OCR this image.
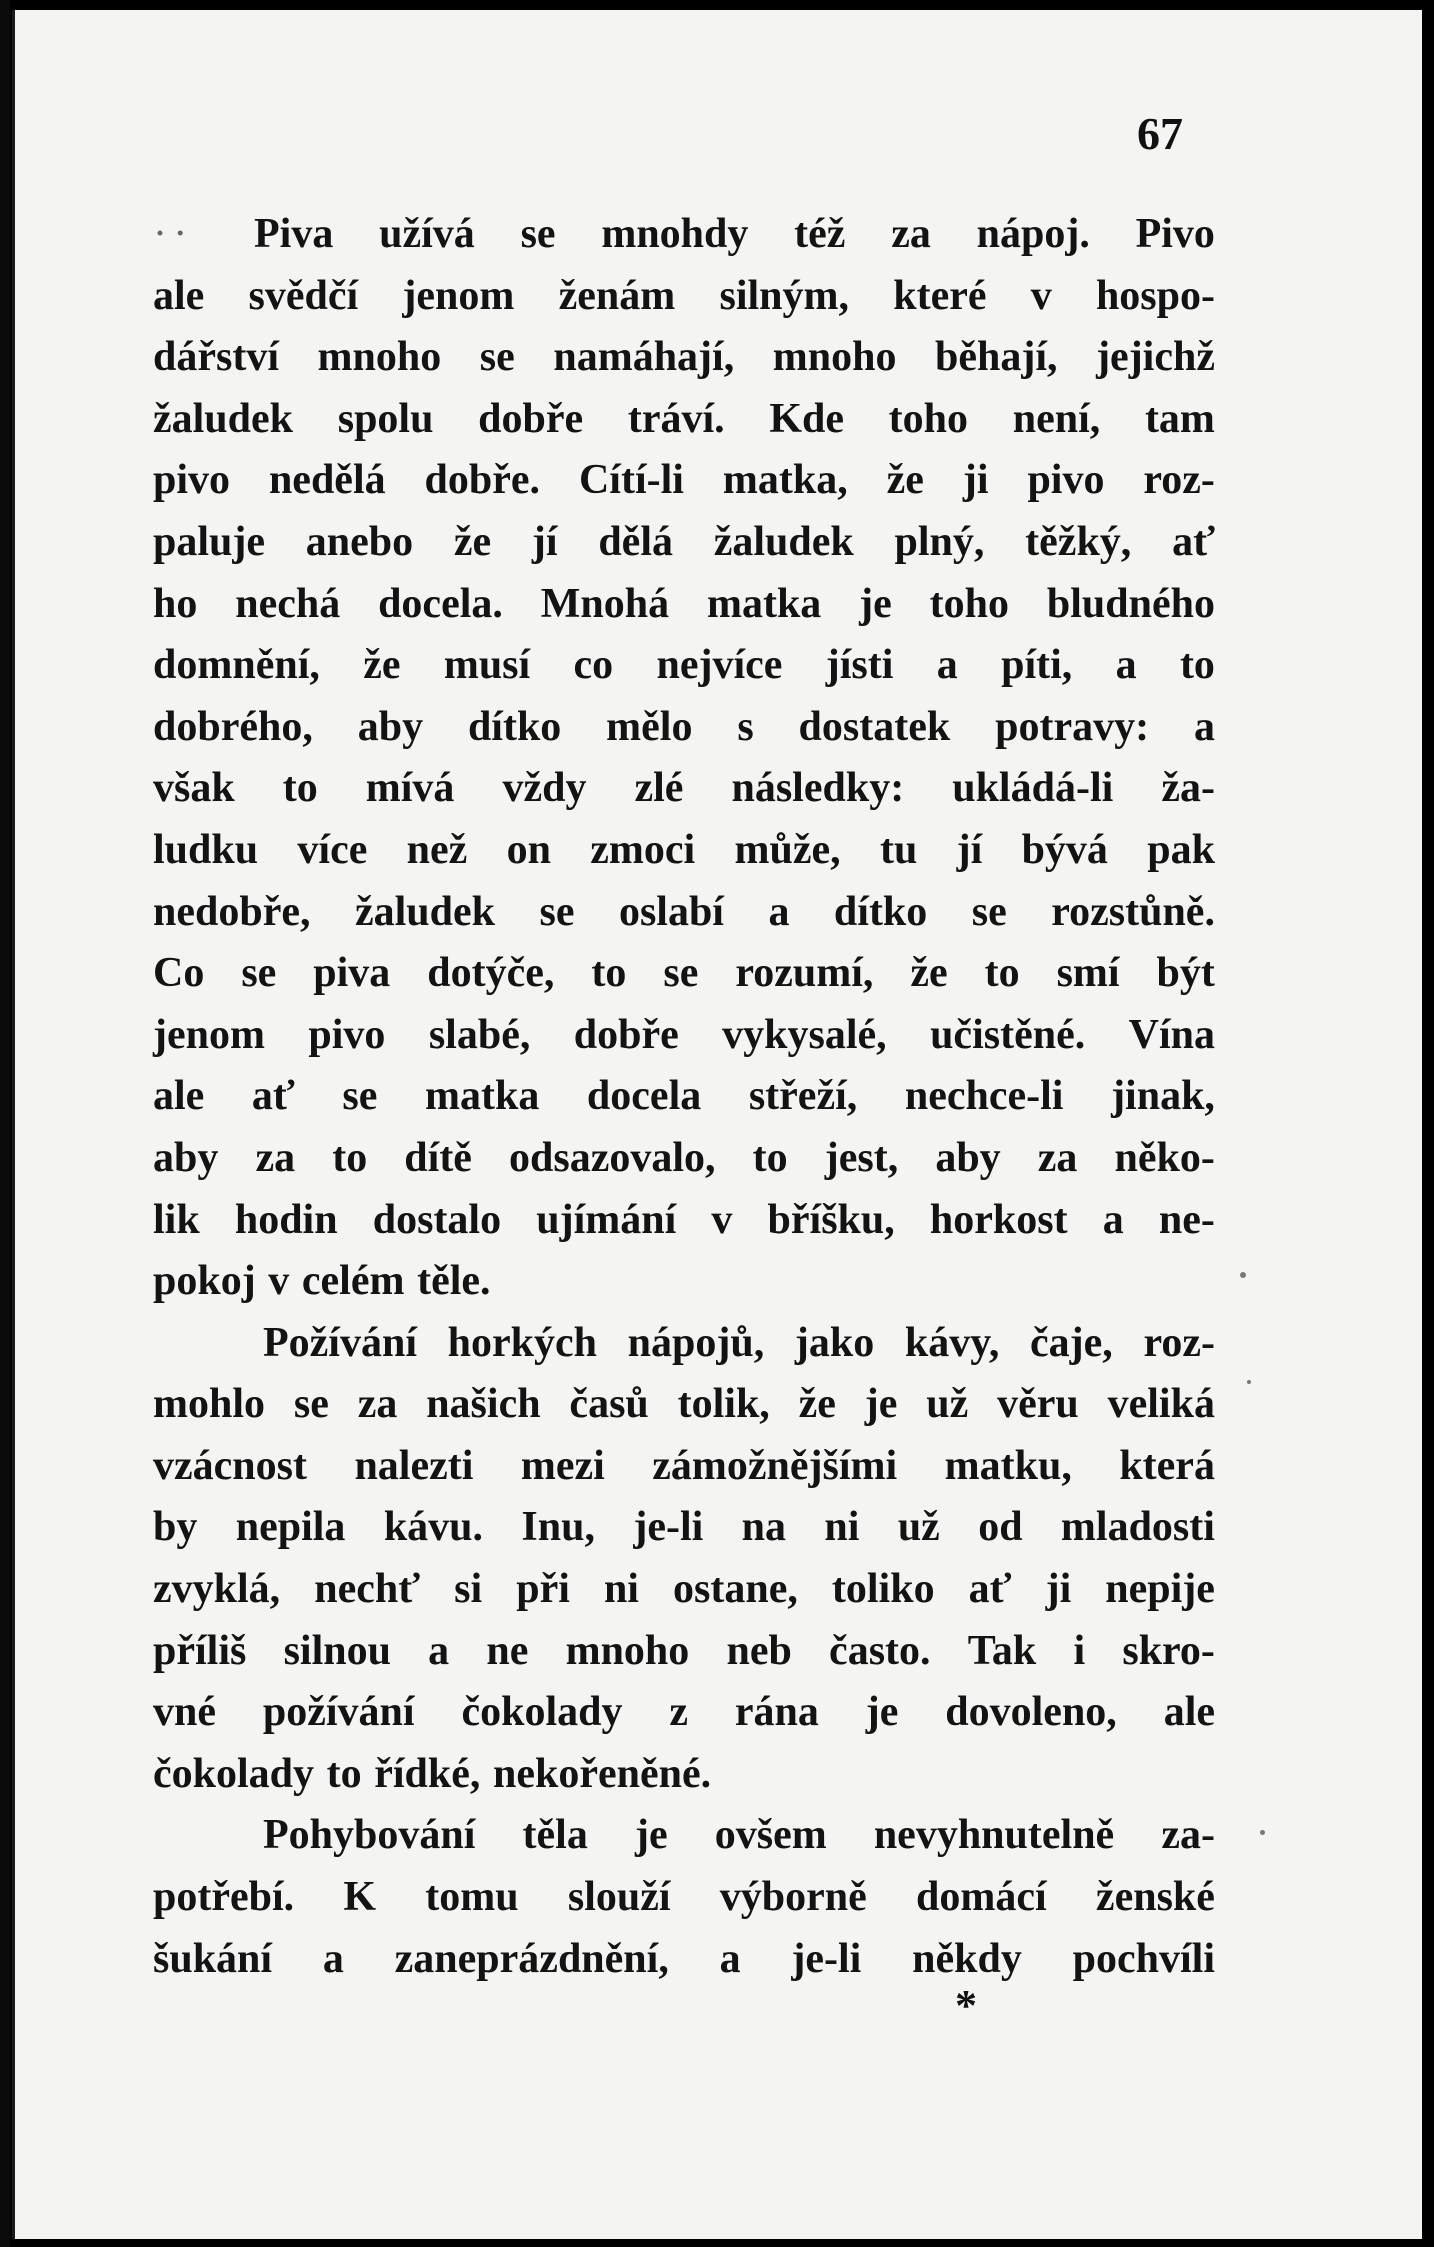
67

·· Piva užívá se mnohdy též za nápoj. Pivo
ale svědčí jenom ženám silným, které v hospo-
dářství mnoho se namáhají, mnoho běhají, jejichž
žaludek spolu dobře tráví. Kde toho není, tam
pivo nedělá dobře. Cítí-li matka, že ji pivo roz-
paluje anebo že jí dělá žaludek plný, těžký, ať
ho nechá docela. Mnohá matka je toho bludného
domnění, že musí co nejvíce jísti a píti, a to
dobrého, aby dítko mělo s dostatek potravy: a
však to mívá vždy zlé následky: ukládá-li ža-
ludku více než on zmoci může, tu jí bývá pak
nedobře, žaludek se oslabí a dítko se rozstůně.
Co se piva dotýče, to se rozumí, že to smí být
jenom pivo slabé, dobře vykysalé, učistěné. Vína
ale ať se matka docela střeží, nechce-li jinak,
aby za to dítě odsazovalo, to jest, aby za něko-
lik hodin dostalo ujímání v bříšku, horkost a ne-
pokoj v celém těle.
Požívání horkých nápojů, jako kávy, čaje, roz-
mohlo se za našich časů tolik, že je už věru veliká
vzácnost nalezti mezi zámožnějšími matku, která
by nepila kávu. Inu, je-li na ni už od mladosti
zvyklá, nechť si při ni ostane, toliko ať ji nepije
příliš silnou a ne mnoho neb často. Tak i skro-
vné požívání čokolady z rána je dovoleno, ale
čokolady to řídké, nekořeněné.
Pohybování těla je ovšem nevyhnutelně za-
potřebí. K tomu slouží výborně domácí ženské
šukání a zaneprázdnění, a je-li někdy pochvíli

*
